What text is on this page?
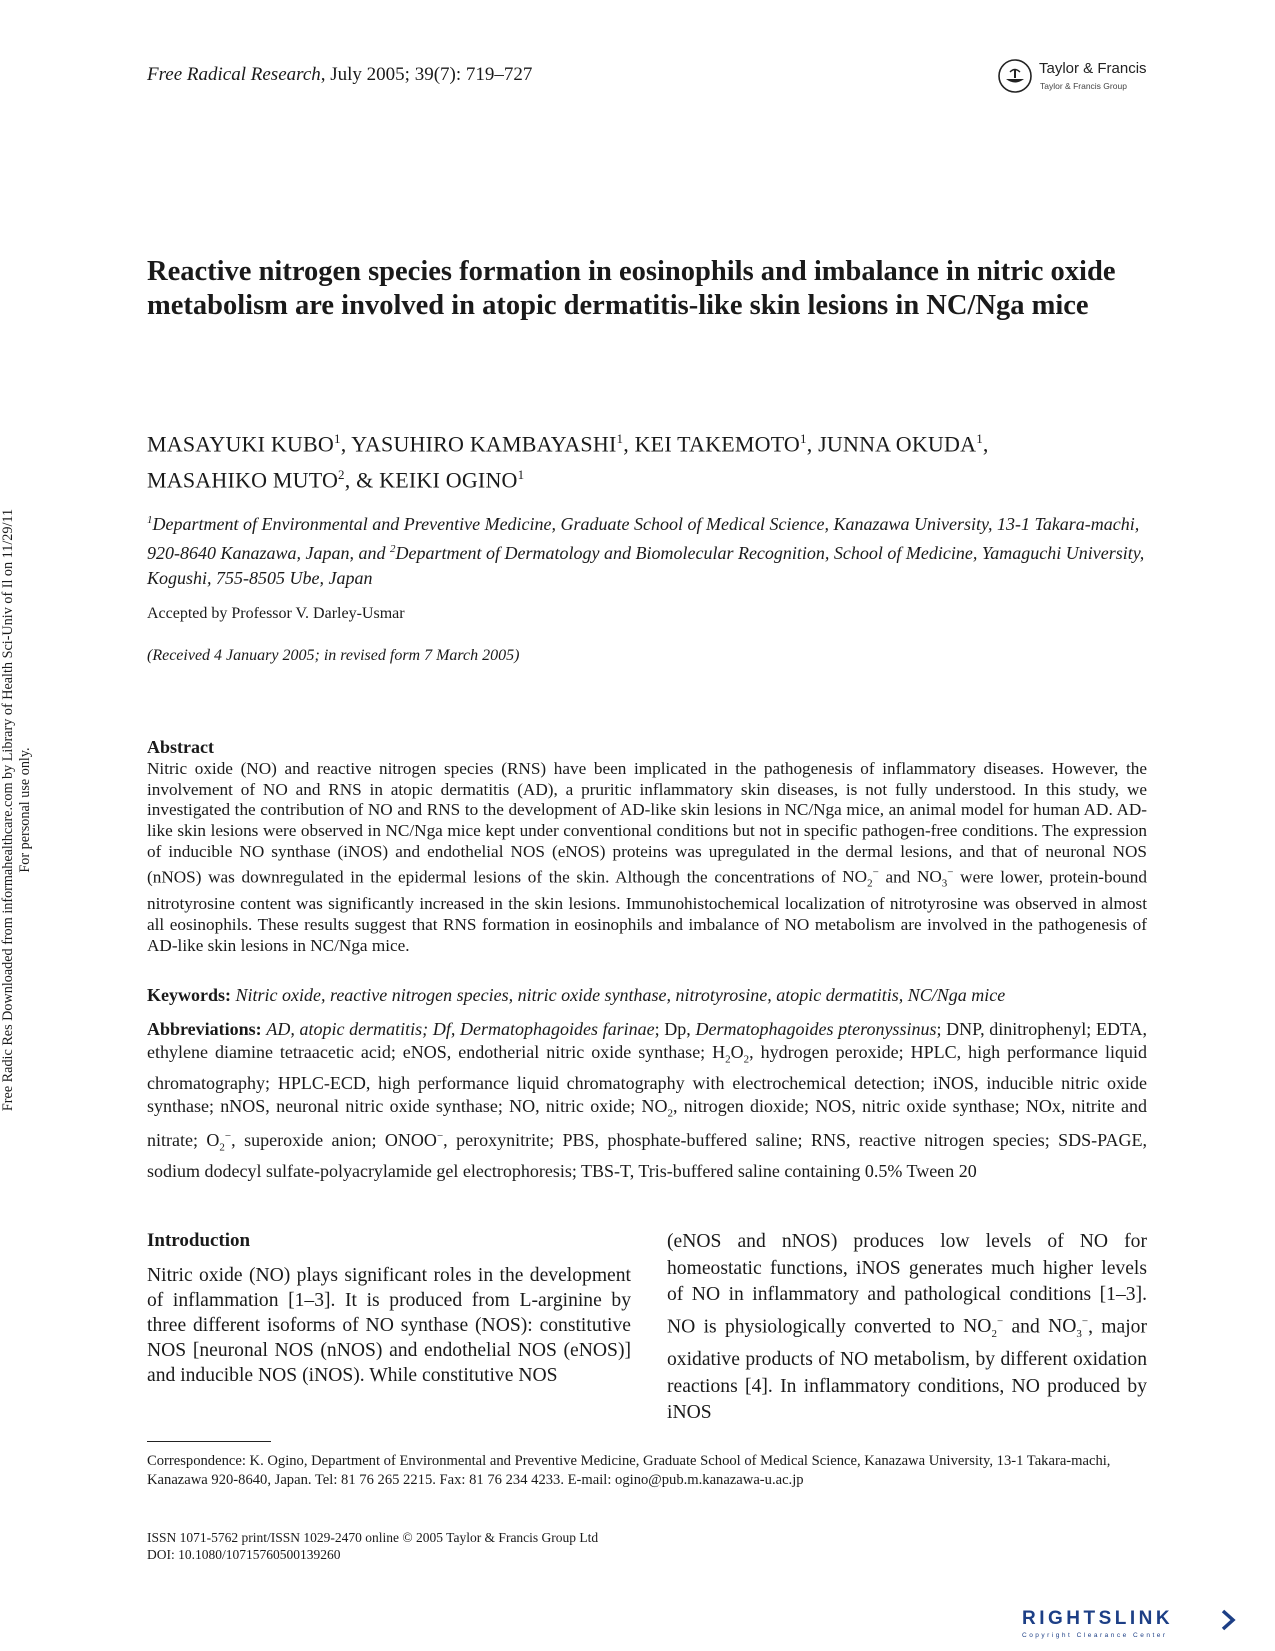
Free Radical Research, July 2005; 39(7): 719–727	Taylor & Francis
Taylor & Francis Group
Reactive nitrogen species formation in eosinophils and imbalance in nitric oxide metabolism are involved in atopic dermatitis-like skin lesions in NC/Nga mice
MASAYUKI KUBO$^1$, YASUHIRO KAMBAYASHI$^1$, KEI TAKEMOTO$^1$, JUNNA OKUDA$^1$,
MASAHIKO MUTO$^2$, & KEIKI OGINO$^1$
$^1$Department of Environmental and Preventive Medicine, Graduate School of Medical Science, Kanazawa University, 13-1 Takara-machi, 920-8640 Kanazawa, Japan, and $^2$Department of Dermatology and Biomolecular Recognition, School of Medicine, Yamaguchi University, Kogushi, 755-8505 Ube, Japan
Accepted by Professor V. Darley-Usmar
(Received 4 January 2005; in revised form 7 March 2005)
Abstract
Nitric oxide (NO) and reactive nitrogen species (RNS) have been implicated in the pathogenesis of inflammatory diseases. However, the involvement of NO and RNS in atopic dermatitis (AD), a pruritic inflammatory skin diseases, is not fully understood. In this study, we investigated the contribution of NO and RNS to the development of AD-like skin lesions in NC/Nga mice, an animal model for human AD. AD-like skin lesions were observed in NC/Nga mice kept under conventional conditions but not in specific pathogen-free conditions. The expression of inducible NO synthase (iNOS) and endothelial NOS (eNOS) proteins was upregulated in the dermal lesions, and that of neuronal NOS (nNOS) was downregulated in the epidermal lesions of the skin. Although the concentrations of $NO_2^-$ and $NO_3^-$ were lower, protein-bound nitrotyrosine content was significantly increased in the skin lesions. Immunohistochemical localization of nitrotyrosine was observed in almost all eosinophils. These results suggest that RNS formation in eosinophils and imbalance of NO metabolism are involved in the pathogenesis of AD-like skin lesions in NC/Nga mice.
Keywords: Nitric oxide, reactive nitrogen species, nitric oxide synthase, nitrotyrosine, atopic dermatitis, NC/Nga mice
Abbreviations: AD, atopic dermatitis; Df, Dermatophagoides farinae; Dp, Dermatophagoides pteronyssinus; DNP, dinitrophenyl; EDTA, ethylene diamine tetraacetic acid; eNOS, endotherial nitric oxide synthase; $H_2O_2$, hydrogen peroxide; HPLC, high performance liquid chromatography; HPLC-ECD, high performance liquid chromatography with electrochemical detection; iNOS, inducible nitric oxide synthase; nNOS, neuronal nitric oxide synthase; NO, nitric oxide; $NO_2$, nitrogen dioxide; NOS, nitric oxide synthase; NOx, nitrite and nitrate; $O_2^-$, superoxide anion; ONOO−, peroxynitrite; PBS, phosphate-buffered saline; RNS, reactive nitrogen species; SDS-PAGE, sodium dodecyl sulfate-polyacrylamide gel electrophoresis; TBS-T, Tris-buffered saline containing 0.5% Tween 20
Introduction
Nitric oxide (NO) plays significant roles in the development of inflammation [1–3]. It is produced from L-arginine by three different isoforms of NO synthase (NOS): constitutive NOS [neuronal NOS (nNOS) and endothelial NOS (eNOS)] and inducible NOS (iNOS). While constitutive NOS
(eNOS and nNOS) produces low levels of NO for homeostatic functions, iNOS generates much higher levels of NO in inflammatory and pathological conditions [1–3]. NO is physiologically converted to $NO_2^-$ and $NO_3^-$, major oxidative products of NO metabolism, by different oxidation reactions [4]. In inflammatory conditions, NO produced by iNOS
Correspondence: K. Ogino, Department of Environmental and Preventive Medicine, Graduate School of Medical Science, Kanazawa University, 13-1 Takara-machi, Kanazawa 920-8640, Japan. Tel: 81 76 265 2215. Fax: 81 76 234 4233. E-mail: ogino@pub.m.kanazawa-u.ac.jp
ISSN 1071-5762 print/ISSN 1029-2470 online © 2005 Taylor & Francis Group Ltd
DOI: 10.1080/10715760500139260
Free Radic Res Downloaded from informahealthcare.com by Library of Health Sci-Univ of Il on 11/29/11 For personal use only.
RIGHTSLINK
Copyright Clearance Center
